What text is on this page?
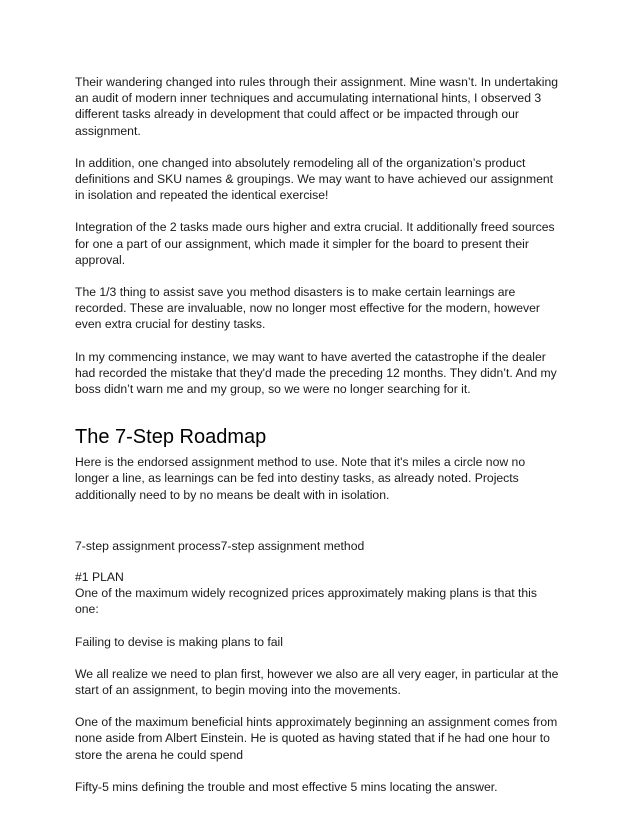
Their wandering changed into rules through their assignment. Mine wasn’t. In undertaking an audit of modern inner techniques and accumulating international hints, I observed 3 different tasks already in development that could affect or be impacted through our assignment.

In addition, one changed into absolutely remodeling all of the organization’s product definitions and SKU names & groupings. We may want to have achieved our assignment in isolation and repeated the identical exercise!

Integration of the 2 tasks made ours higher and extra crucial. It additionally freed sources for one a part of our assignment, which made it simpler for the board to present their approval.

The 1/3 thing to assist save you method disasters is to make certain learnings are recorded. These are invaluable, now no longer most effective for the modern, however even extra crucial for destiny tasks.

In my commencing instance, we may want to have averted the catastrophe if the dealer had recorded the mistake that they'd made the preceding 12 months. They didn’t. And my boss didn’t warn me and my group, so we were no longer searching for it.

The 7-Step Roadmap

Here is the endorsed assignment method to use. Note that it's miles a circle now no longer a line, as learnings can be fed into destiny tasks, as already noted. Projects additionally need to by no means be dealt with in isolation.

7-step assignment process7-step assignment method

#1 PLAN

One of the maximum widely recognized prices approximately making plans is that this one:

Failing to devise is making plans to fail

We all realize we need to plan first, however we also are all very eager, in particular at the start of an assignment, to begin moving into the movements.

One of the maximum beneficial hints approximately beginning an assignment comes from none aside from Albert Einstein. He is quoted as having stated that if he had one hour to store the arena he could spend

Fifty-5 mins defining the trouble and most effective 5 mins locating the answer.
